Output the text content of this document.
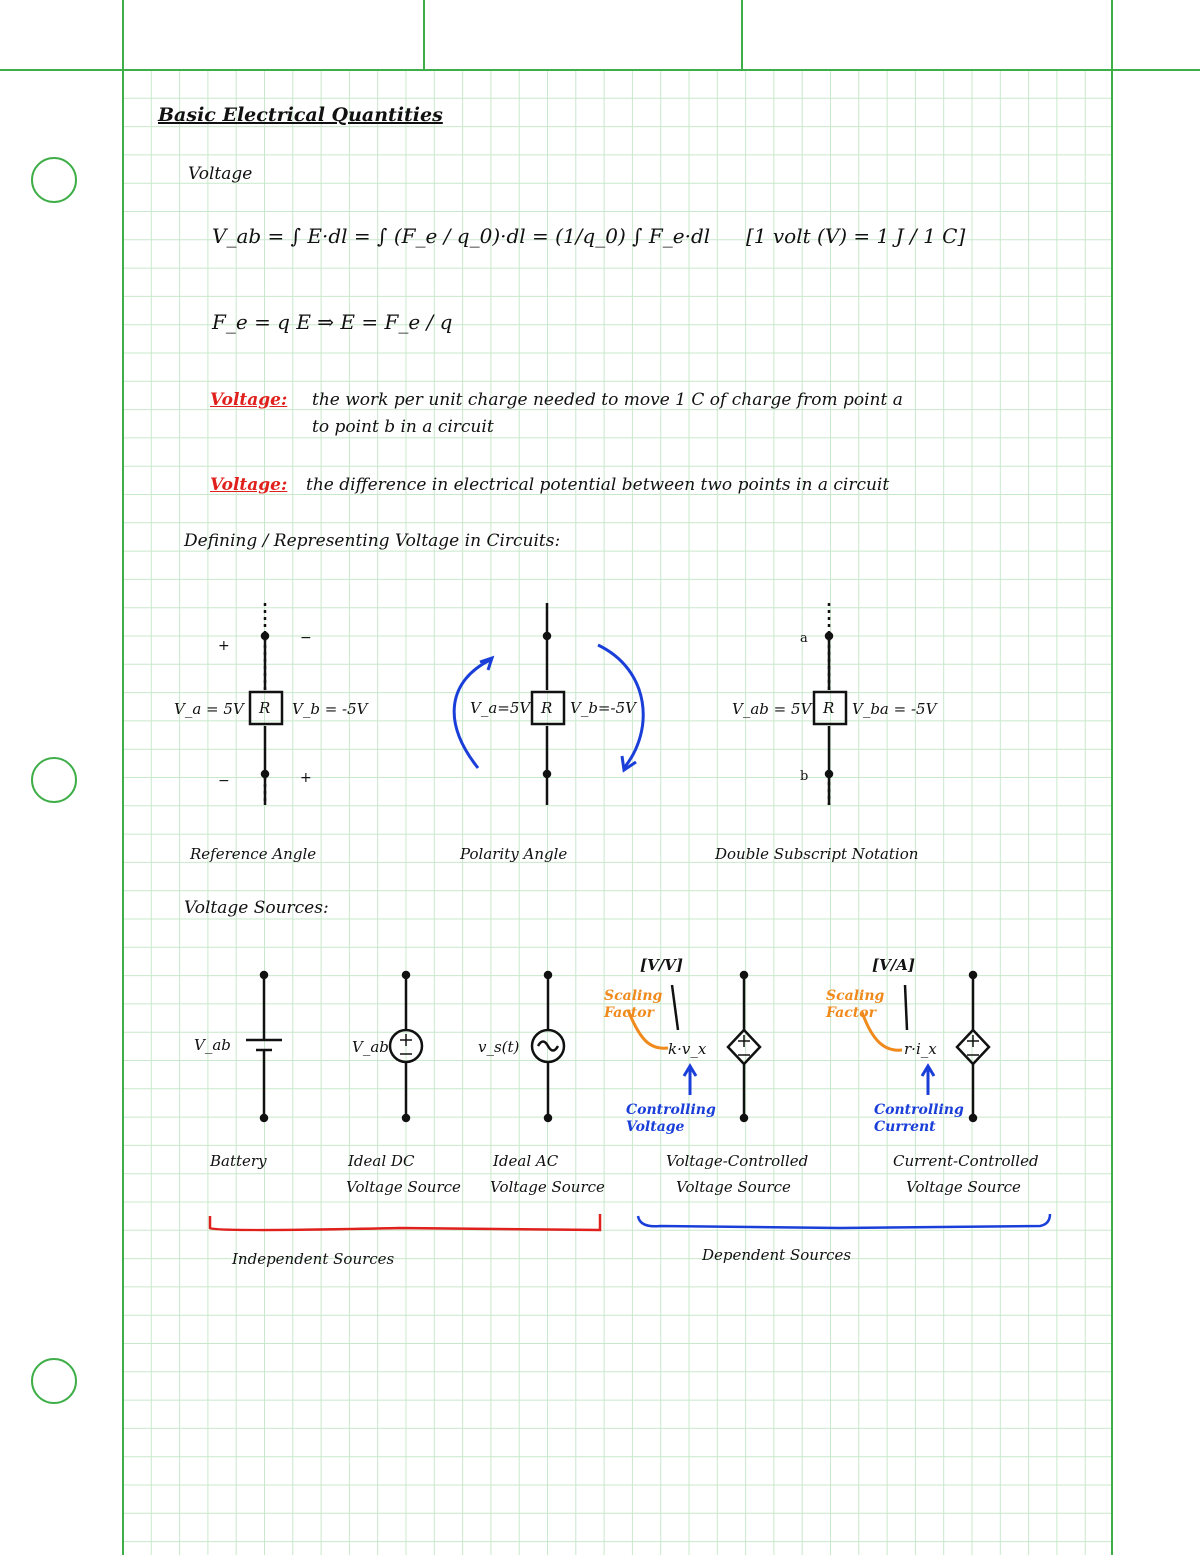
Basic Electrical Quantities
Voltage
V_ab = ∫ E·dl = ∫ (F_e / q_0)·dl = (1/q_0) ∫ F_e·dl [1 volt (V) = 1 J / 1 C]
F_e = q E ⇒ E = F_e / q
Voltage: the work per unit charge needed to move 1 C of charge from point a
to point b in a circuit
Voltage: the difference in electrical potential between two points in a circuit
Defining / Representing Voltage in Circuits:
+	−
−	+
a
b
V_a = 5V R V_b = -5V
Reference Angle
V_a=5V R V_b=-5V
Polarity Angle
V_ab = 5V R V_ba = -5V
Double Subscript Notation
Voltage Sources:
V_ab
Battery
V_ab
Ideal DC
Voltage Source
v_s(t)
Ideal AC
Voltage Source
[V/V]
Scaling Factor
k·v_x
Controlling Voltage
Voltage-Controlled
Voltage Source
[V/A]
Scaling Factor
r·i_x
Controlling Current
Current-Controlled
Voltage Source
Independent Sources	Dependent Sources
